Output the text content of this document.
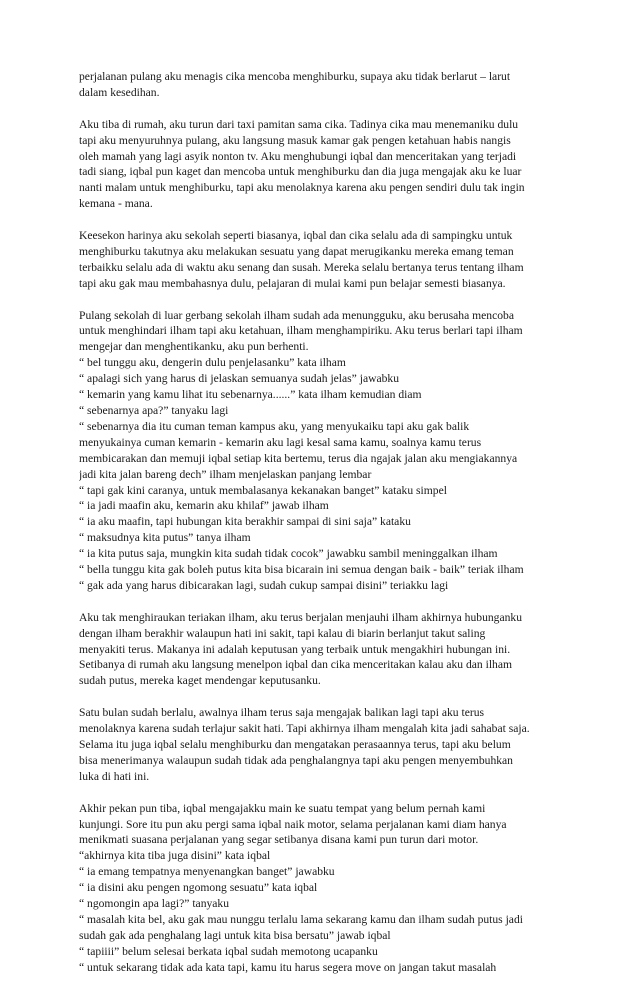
perjalanan pulang aku menagis cika mencoba menghiburku, supaya aku tidak berlarut – larut
dalam kesedihan.
Aku tiba di rumah, aku turun dari taxi pamitan sama cika. Tadinya cika mau menemaniku dulu
tapi aku menyuruhnya pulang, aku langsung masuk kamar gak pengen ketahuan habis nangis
oleh mamah yang lagi asyik nonton tv. Aku menghubungi iqbal dan menceritakan yang terjadi
tadi siang, iqbal pun kaget dan mencoba untuk menghiburku dan dia juga mengajak aku ke luar
nanti malam untuk menghiburku, tapi aku menolaknya karena aku pengen sendiri dulu tak ingin
kemana - mana.
Keesekon harinya aku sekolah seperti biasanya, iqbal dan cika selalu ada di sampingku untuk
menghiburku takutnya aku melakukan sesuatu yang dapat merugikanku mereka emang teman
terbaikku selalu ada di waktu aku senang dan susah. Mereka selalu bertanya terus tentang ilham
tapi aku gak mau membahasnya dulu, pelajaran di mulai kami pun belajar semesti biasanya.
Pulang sekolah di luar gerbang sekolah ilham sudah ada menungguku, aku berusaha mencoba
untuk menghindari ilham tapi aku ketahuan, ilham menghampiriku. Aku terus berlari tapi ilham
mengejar dan menghentikanku, aku pun berhenti.
“ bel tunggu aku, dengerin dulu penjelasanku” kata ilham
“ apalagi sich yang harus di jelaskan semuanya sudah jelas” jawabku
“ kemarin yang kamu lihat itu sebenarnya......” kata ilham kemudian diam
“ sebenarnya apa?” tanyaku lagi
“ sebenarnya dia itu cuman teman kampus aku, yang menyukaiku tapi aku gak balik
menyukainya cuman kemarin - kemarin aku lagi kesal sama kamu, soalnya kamu terus
membicarakan dan memuji iqbal setiap kita bertemu, terus dia ngajak jalan aku mengiakannya
jadi kita jalan bareng dech” ilham menjelaskan panjang lembar
“ tapi gak kini caranya, untuk membalasanya kekanakan banget” kataku simpel
“ ia jadi maafin aku, kemarin aku khilaf” jawab ilham
“ ia aku maafin, tapi hubungan kita berakhir sampai di sini saja” kataku
“ maksudnya kita putus” tanya ilham
“ ia kita putus saja, mungkin kita sudah tidak cocok” jawabku sambil meninggalkan ilham
“ bella tunggu kita gak boleh putus kita bisa bicarain ini semua dengan baik - baik” teriak ilham
“ gak ada yang harus dibicarakan lagi, sudah cukup sampai disini” teriakku lagi
Aku tak menghiraukan teriakan ilham, aku terus berjalan menjauhi ilham akhirnya hubunganku
dengan ilham berakhir walaupun hati ini sakit, tapi kalau di biarin berlanjut takut saling
menyakiti terus. Makanya ini adalah keputusan yang terbaik untuk mengakhiri hubungan ini.
Setibanya di rumah aku langsung menelpon iqbal dan cika menceritakan kalau aku dan ilham
sudah putus, mereka kaget mendengar keputusanku.
Satu bulan sudah berlalu, awalnya ilham terus saja mengajak balikan lagi tapi aku terus
menolaknya karena sudah terlajur sakit hati. Tapi akhirnya ilham mengalah kita jadi sahabat saja.
Selama itu juga iqbal selalu menghiburku dan mengatakan perasaannya terus, tapi aku belum
bisa menerimanya walaupun sudah tidak ada penghalangnya tapi aku pengen menyembuhkan
luka di hati ini.
Akhir pekan pun tiba, iqbal mengajakku main ke suatu tempat yang belum pernah kami
kunjungi. Sore itu pun aku pergi sama iqbal naik motor, selama perjalanan kami diam hanya
menikmati suasana perjalanan yang segar setibanya disana kami pun turun dari motor.
“akhirnya kita tiba juga disini” kata iqbal
“ ia emang tempatnya menyenangkan banget” jawabku
“ ia disini aku pengen ngomong sesuatu” kata iqbal
“ ngomongin apa lagi?” tanyaku
“ masalah kita bel, aku gak mau nunggu terlalu lama sekarang kamu dan ilham sudah putus jadi
sudah gak ada penghalang lagi untuk kita bisa bersatu” jawab iqbal
“ tapiiii” belum selesai berkata iqbal sudah memotong ucapanku
“ untuk sekarang tidak ada kata tapi, kamu itu harus segera move on jangan takut masalah
